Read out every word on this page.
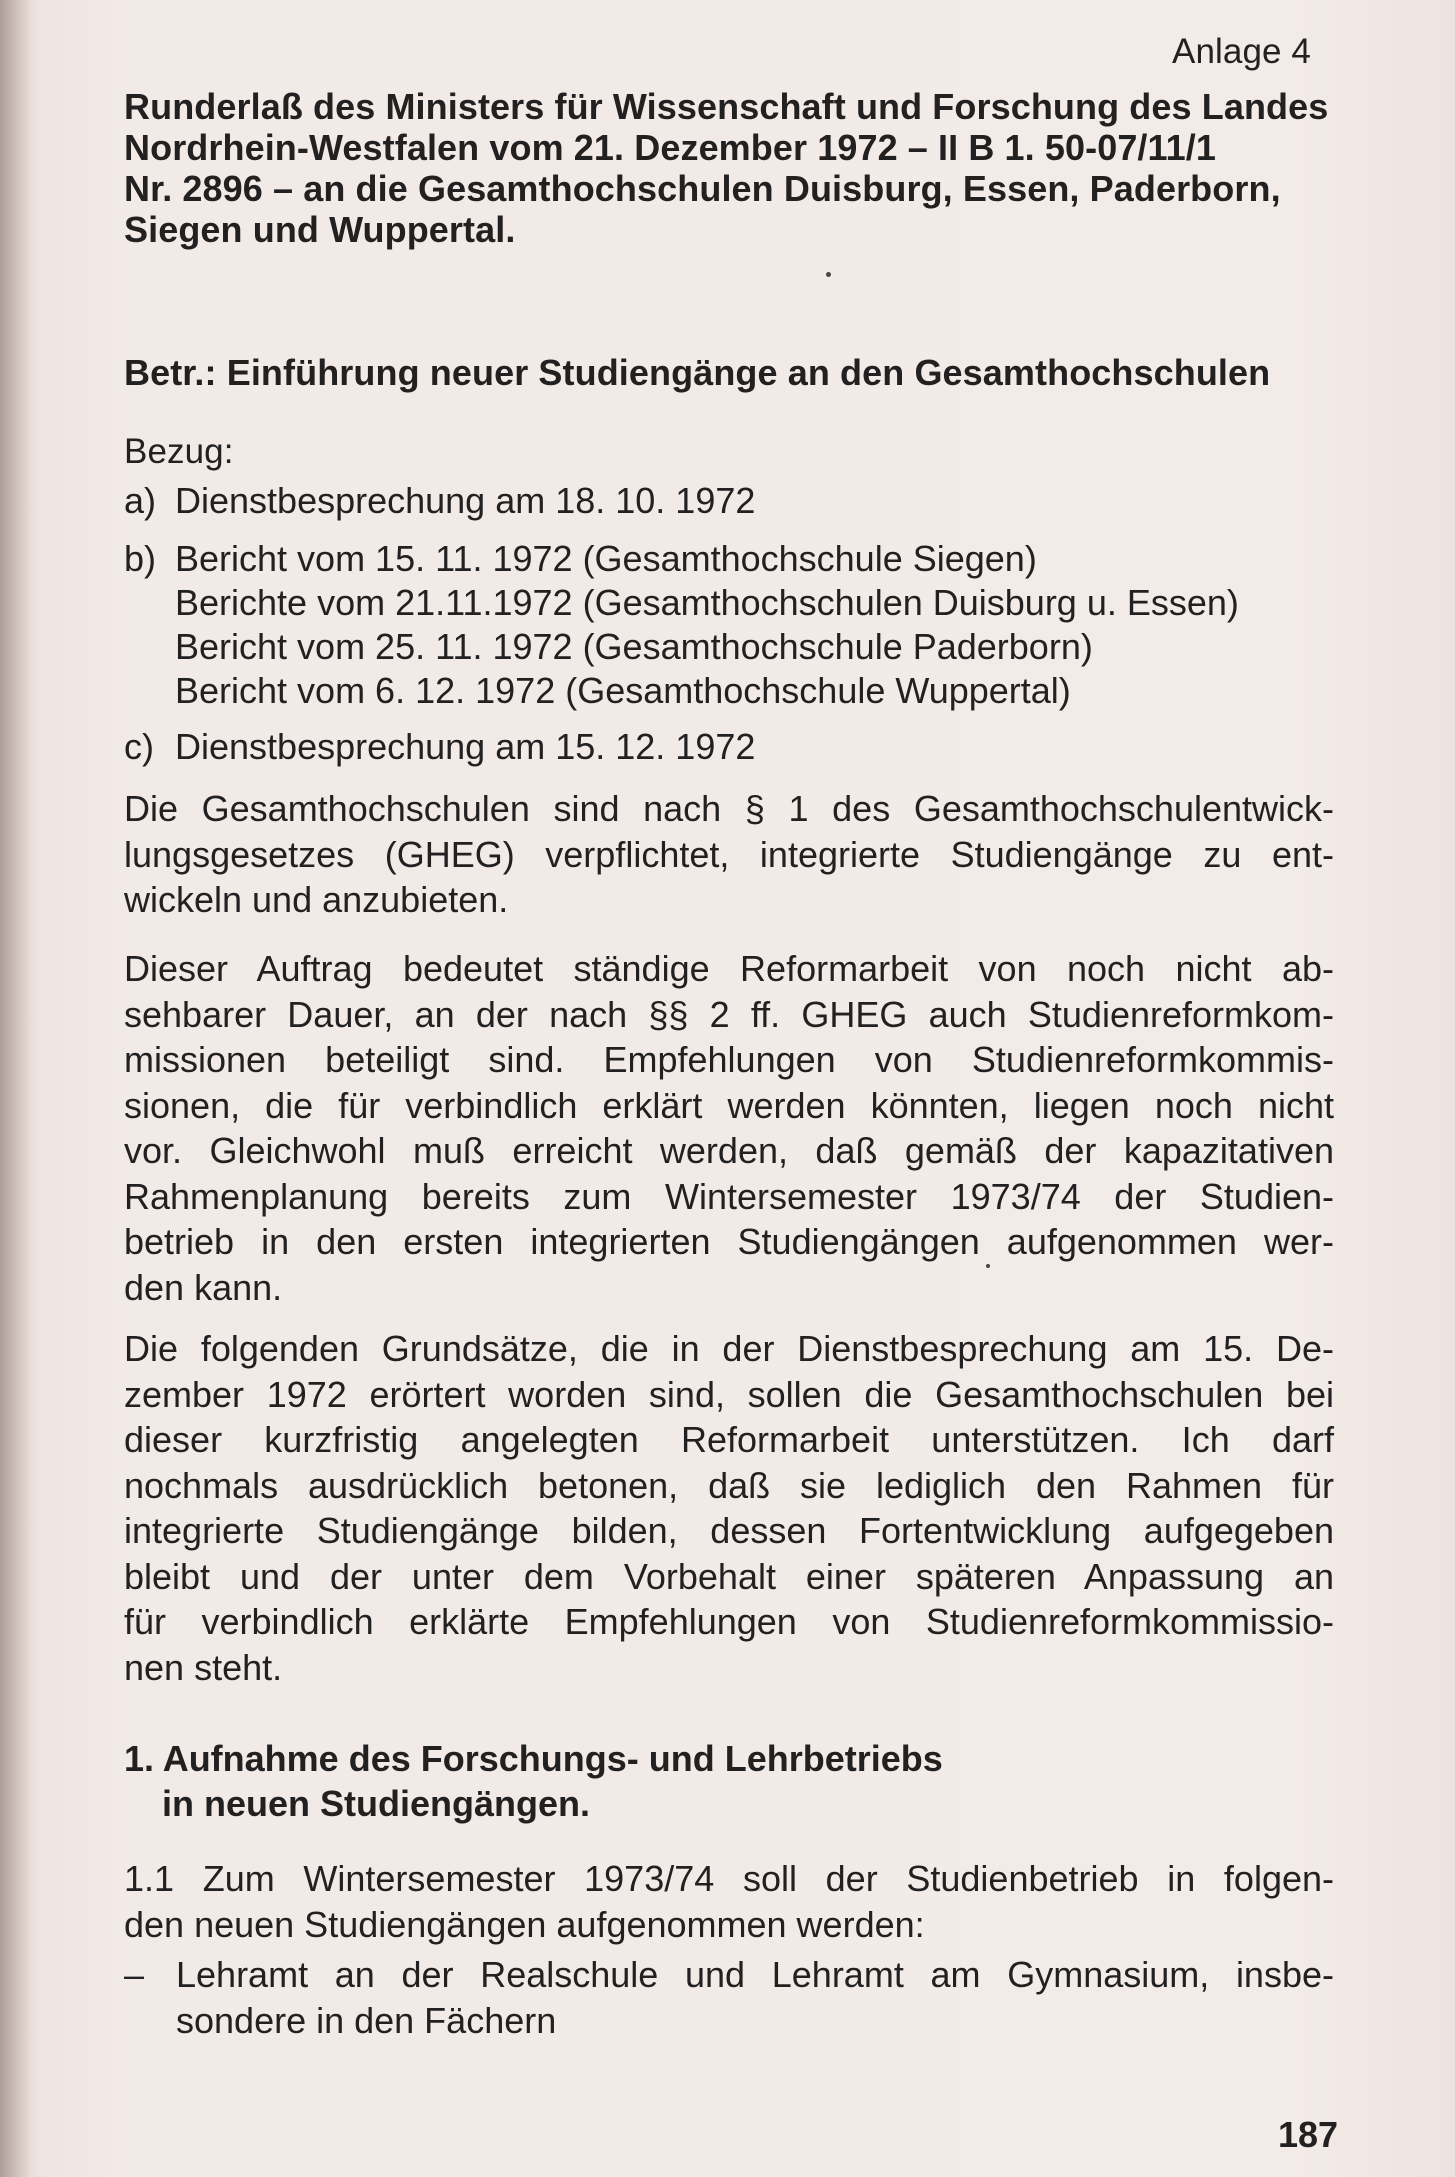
Anlage 4
Runderlaß des Ministers für Wissenschaft und Forschung des Landes
Nordrhein-Westfalen vom 21. Dezember 1972 – II B 1. 50-07/11/1
Nr. 2896 – an die Gesamthochschulen Duisburg, Essen, Paderborn,
Siegen und Wuppertal.
Betr.: Einführung neuer Studiengänge an den Gesamthochschulen
Bezug:
a) Dienstbesprechung am 18. 10. 1972
b) Bericht vom 15. 11. 1972 (Gesamthochschule Siegen)
Berichte vom 21.11.1972 (Gesamthochschulen Duisburg u. Essen)
Bericht vom 25. 11. 1972 (Gesamthochschule Paderborn)
Bericht vom 6. 12. 1972 (Gesamthochschule Wuppertal)
c) Dienstbesprechung am 15. 12. 1972
Die Gesamthochschulen sind nach § 1 des Gesamthochschulentwick-
lungsgesetzes (GHEG) verpflichtet, integrierte Studiengänge zu ent-
wickeln und anzubieten.
Dieser Auftrag bedeutet ständige Reformarbeit von noch nicht ab-
sehbarer Dauer, an der nach §§ 2 ff. GHEG auch Studienreformkom-
missionen beteiligt sind. Empfehlungen von Studienreformkommis-
sionen, die für verbindlich erklärt werden könnten, liegen noch nicht
vor. Gleichwohl muß erreicht werden, daß gemäß der kapazitativen
Rahmenplanung bereits zum Wintersemester 1973/74 der Studien-
betrieb in den ersten integrierten Studiengängen aufgenommen wer-
den kann.
Die folgenden Grundsätze, die in der Dienstbesprechung am 15. De-
zember 1972 erörtert worden sind, sollen die Gesamthochschulen bei
dieser kurzfristig angelegten Reformarbeit unterstützen. Ich darf
nochmals ausdrücklich betonen, daß sie lediglich den Rahmen für
integrierte Studiengänge bilden, dessen Fortentwicklung aufgegeben
bleibt und der unter dem Vorbehalt einer späteren Anpassung an
für verbindlich erklärte Empfehlungen von Studienreformkommissio-
nen steht.
1. Aufnahme des Forschungs- und Lehrbetriebs
in neuen Studiengängen.
1.1 Zum Wintersemester 1973/74 soll der Studienbetrieb in folgen-
den neuen Studiengängen aufgenommen werden:
– Lehramt an der Realschule und Lehramt am Gymnasium, insbe-
sondere in den Fächern
187
